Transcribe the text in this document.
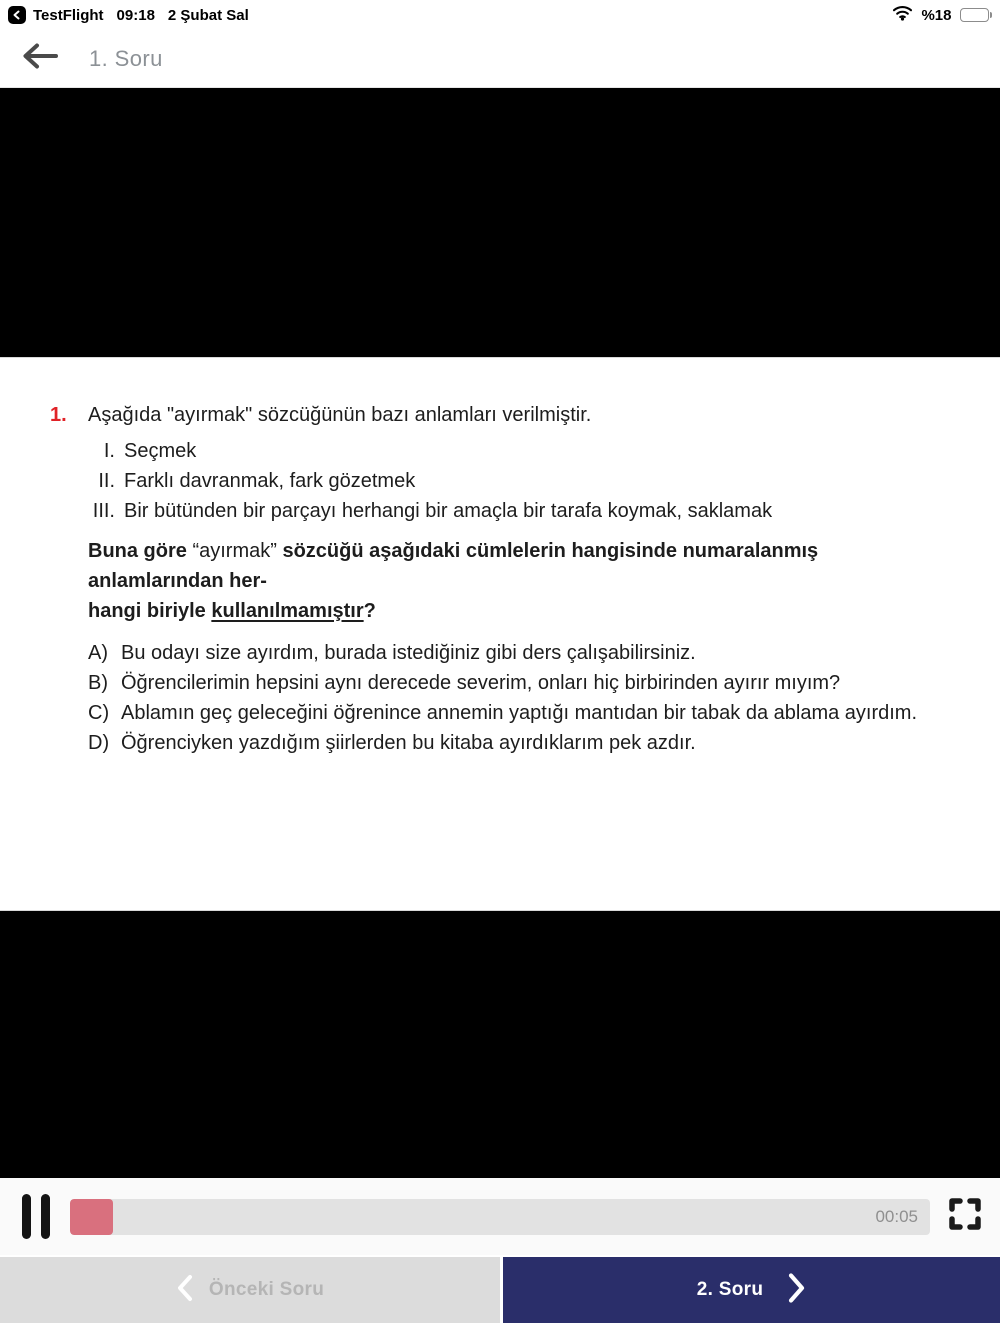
TestFlight 09:18 2 Şubat Sal	%18
1. Soru
1.	Aşağıda "ayırmak" sözcüğünün bazı anlamları verilmiştir.
I. Seçmek
II. Farklı davranmak, fark gözetmek
III. Bir bütünden bir parçayı herhangi bir amaçla bir tarafa koymak, saklamak

Buna göre “ayırmak” sözcüğü aşağıdaki cümlelerin hangisinde numaralanmış anlamlarından her-
hangi biriyle kullanılmamıştır?

A) Bu odayı size ayırdım, burada istediğiniz gibi ders çalışabilirsiniz.
B) Öğrencilerimin hepsini aynı derecede severim, onları hiç birbirinden ayırır mıyım?
C) Ablamın geç geleceğini öğrenince annemin yaptığı mantıdan bir tabak da ablama ayırdım.
D) Öğrenciyken yazdığım şiirlerden bu kitaba ayırdıklarım pek azdır.
00:05
Önceki Soru	2. Soru
